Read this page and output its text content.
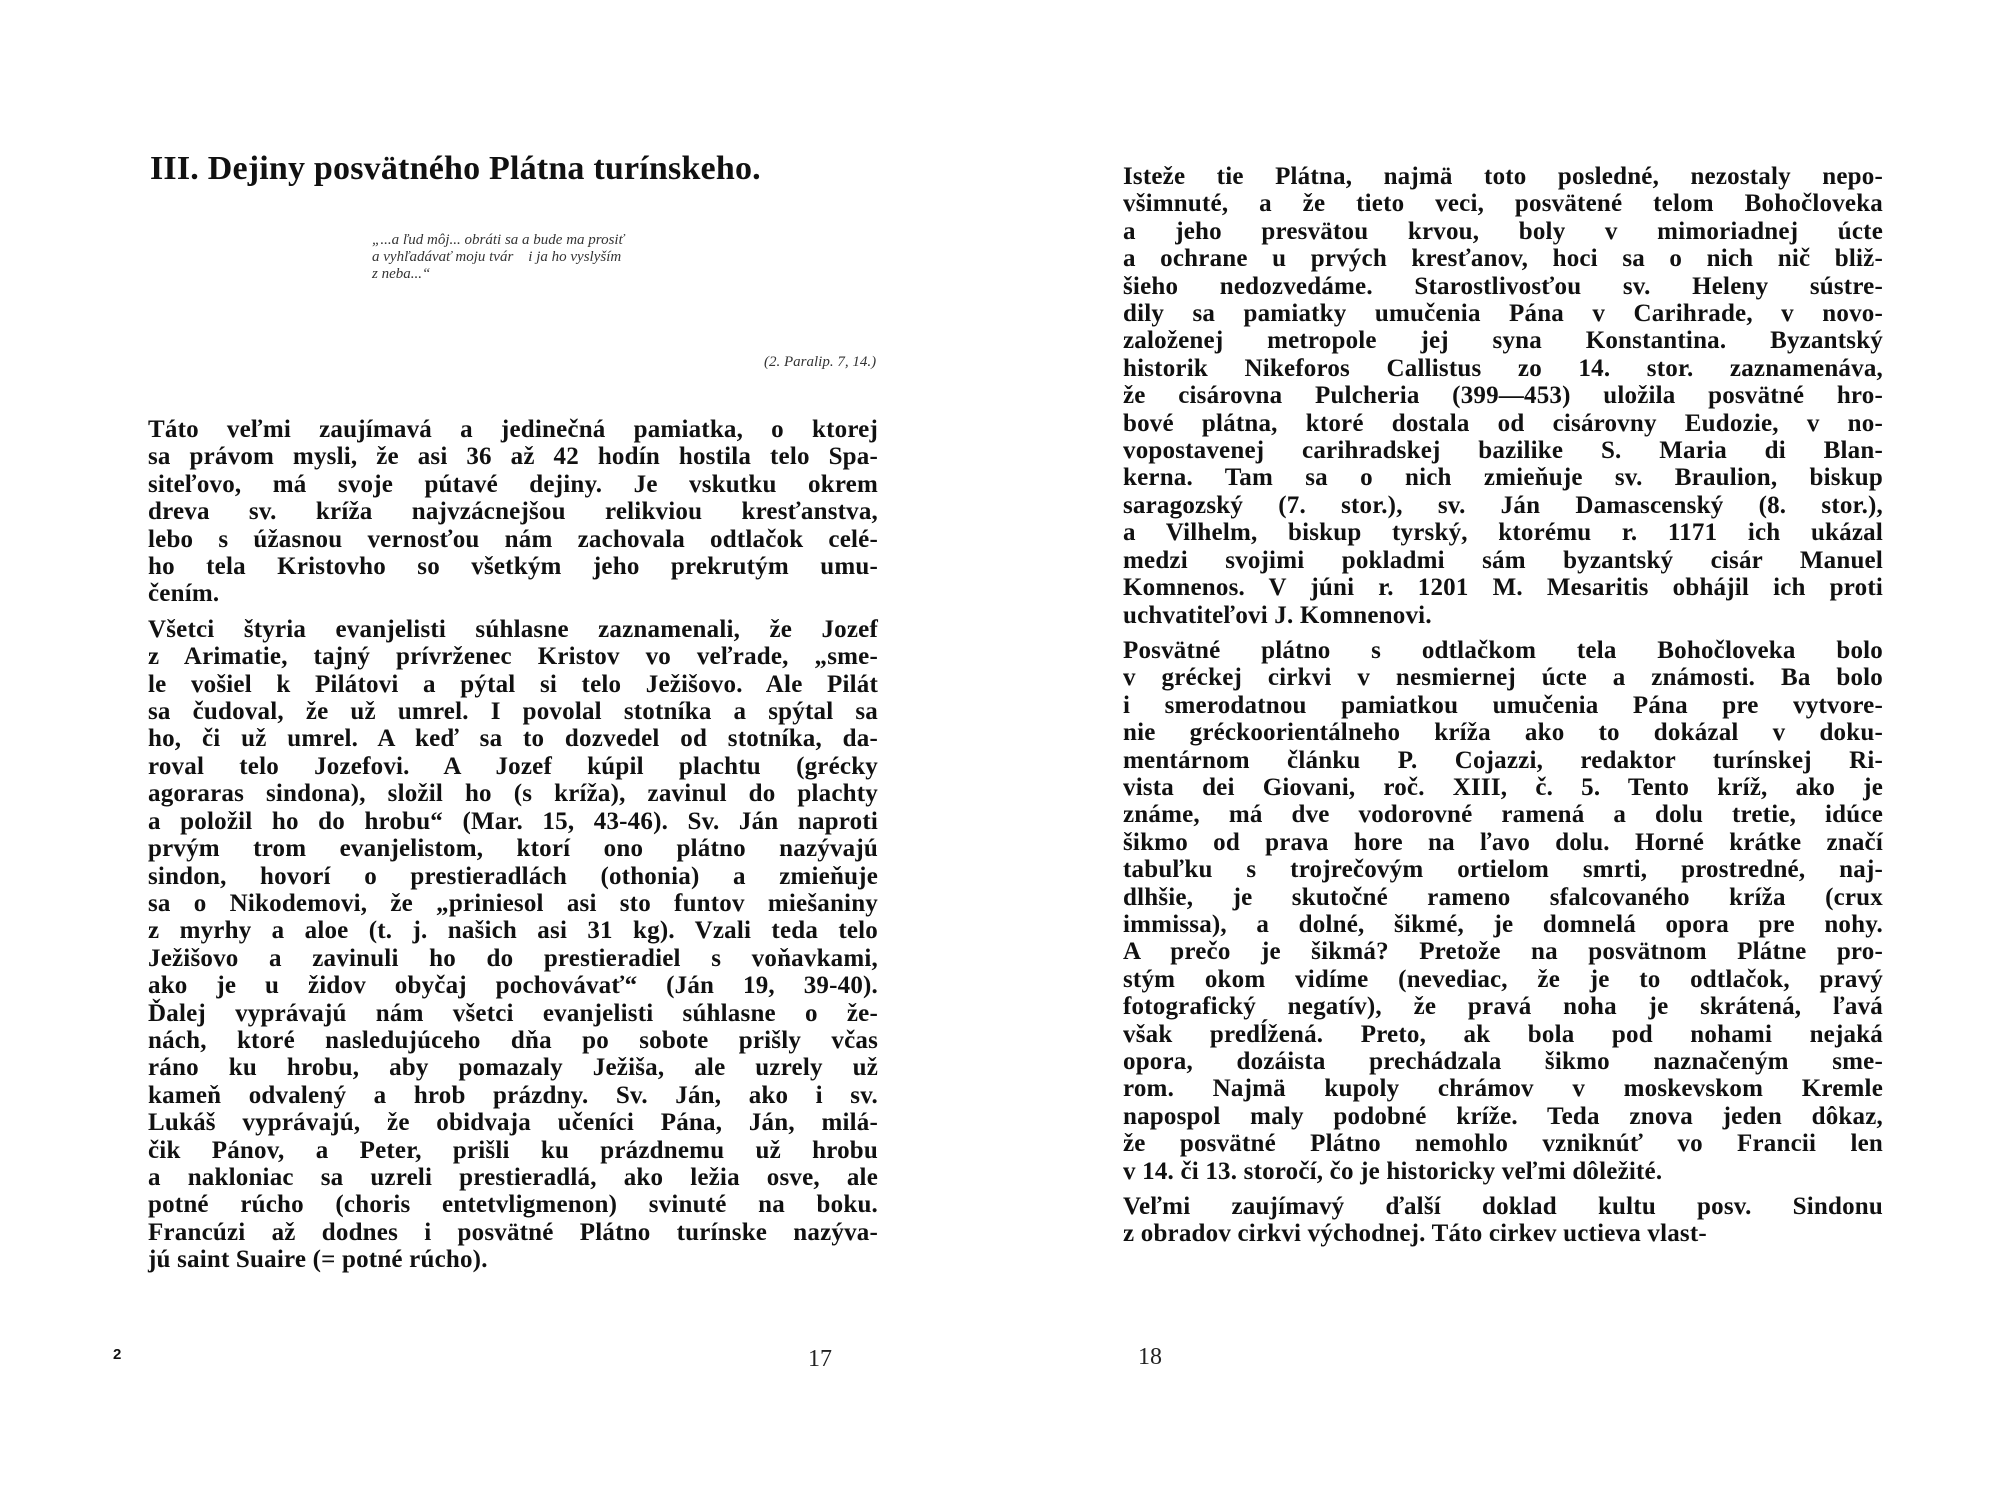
III. Dejiny posvätného Plátna turínskeho.
„...a ľud môj... obráti sa a bude ma prosiť
a vyhľadávať moju tvár    i ja ho vyslyším
z neba...“
(2. Paralip. 7, 14.)
Táto veľmi zaujímavá a jedinečná pamiatka, o ktorej
sa právom mysli, že asi 36 až 42 hodín hostila telo Spa-
siteľovo, má svoje pútavé dejiny. Je vskutku okrem
dreva sv. kríža najvzácnejšou relikviou kresťanstva,
lebo s úžasnou vernosťou nám zachovala odtlačok celé-
ho tela Kristovho so všetkým jeho prekrutým umu-
čením.
Všetci štyria evanjelisti súhlasne zaznamenali, že Jozef
z Arimatie, tajný prívrženec Kristov vo veľrade, „sme-
le vošiel k Pilátovi a pýtal si telo Ježišovo. Ale Pilát
sa čudoval, že už umrel. I povolal stotníka a spýtal sa
ho, či už umrel. A keď sa to dozvedel od stotníka, da-
roval telo Jozefovi. A Jozef kúpil plachtu (grécky
agoraras sindona), složil ho (s kríža), zavinul do plachty
a položil ho do hrobu“ (Mar. 15, 43-46). Sv. Ján naproti
prvým trom evanjelistom, ktorí ono plátno nazývajú
sindon, hovorí o prestieradlách (othonia) a zmieňuje
sa o Nikodemovi, že „priniesol asi sto funtov miešaniny
z myrhy a aloe (t. j. našich asi 31 kg). Vzali teda telo
Ježišovo a zavinuli ho do prestieradiel s voňavkami,
ako je u židov obyčaj pochovávať“ (Ján 19, 39-40).
Ďalej vyprávajú nám všetci evanjelisti súhlasne o že-
nách, ktoré nasledujúceho dňa po sobote prišly včas
ráno ku hrobu, aby pomazaly Ježiša, ale uzrely už
kameň odvalený a hrob prázdny. Sv. Ján, ako i sv.
Lukáš vyprávajú, že obidvaja učeníci Pána, Ján, milá-
čik Pánov, a Peter, prišli ku prázdnemu už hrobu
a nakloniac sa uzreli prestieradlá, ako ležia osve, ale
potné rúcho (choris entetvligmenon) svinuté na boku.
Francúzi až dodnes i posvätné Plátno turínske nazýva-
jú saint Suaire (= potné rúcho).
2	17
Isteže tie Plátna, najmä toto posledné, nezostaly nepo-
všimnuté, a že tieto veci, posvätené telom Bohočloveka
a jeho presvätou krvou, boly v mimoriadnej úcte
a ochrane u prvých kresťanov, hoci sa o nich nič bliž-
šieho nedozvedáme. Starostlivosťou sv. Heleny sústre-
dily sa pamiatky umučenia Pána v Carihrade, v novo-
založenej metropole jej syna Konstantina. Byzantský
historik Nikeforos Callistus zo 14. stor. zaznamenáva,
že cisárovna Pulcheria (399—453) uložila posvätné hro-
bové plátna, ktoré dostala od cisárovny Eudozie, v no-
vopostavenej carihradskej bazilike S. Maria di Blan-
kerna. Tam sa o nich zmieňuje sv. Braulion, biskup
saragozský (7. stor.), sv. Ján Damascenský (8. stor.),
a Vilhelm, biskup tyrský, ktorému r. 1171 ich ukázal
medzi svojimi pokladmi sám byzantský cisár Manuel
Komnenos. V júni r. 1201 M. Mesaritis obhájil ich proti
uchvatiteľovi J. Komnenovi.
Posvätné plátno s odtlačkom tela Bohočloveka bolo
v gréckej cirkvi v nesmiernej úcte a známosti. Ba bolo
i smerodatnou pamiatkou umučenia Pána pre vytvore-
nie gréckoorientálneho kríža ako to dokázal v doku-
mentárnom článku P. Cojazzi, redaktor turínskej Ri-
vista dei Giovani, roč. XIII, č. 5. Tento kríž, ako je
známe, má dve vodorovné ramená a dolu tretie, idúce
šikmo od prava hore na ľavo dolu. Horné krátke značí
tabuľku s trojrečovým ortielom smrti, prostredné, naj-
dlhšie, je skutočné rameno sfalcovaného kríža (crux
immissa), a dolné, šikmé, je domnelá opora pre nohy.
A prečo je šikmá? Pretože na posvätnom Plátne pro-
stým okom vidíme (nevediac, že je to odtlačok, pravý
fotografický negatív), že pravá noha je skrátená, ľavá
však predĺžená. Preto, ak bola pod nohami nejaká
opora, dozáista prechádzala šikmo naznačeným sme-
rom. Najmä kupoly chrámov v moskevskom Kremle
napospol maly podobné kríže. Teda znova jeden dôkaz,
že posvätné Plátno nemohlo vzniknúť vo Francii len
v 14. či 13. storočí, čo je historicky veľmi dôležité.
Veľmi zaujímavý ďalší doklad kultu posv. Sindonu
z obradov cirkvi východnej. Táto cirkev uctieva vlast-
18
